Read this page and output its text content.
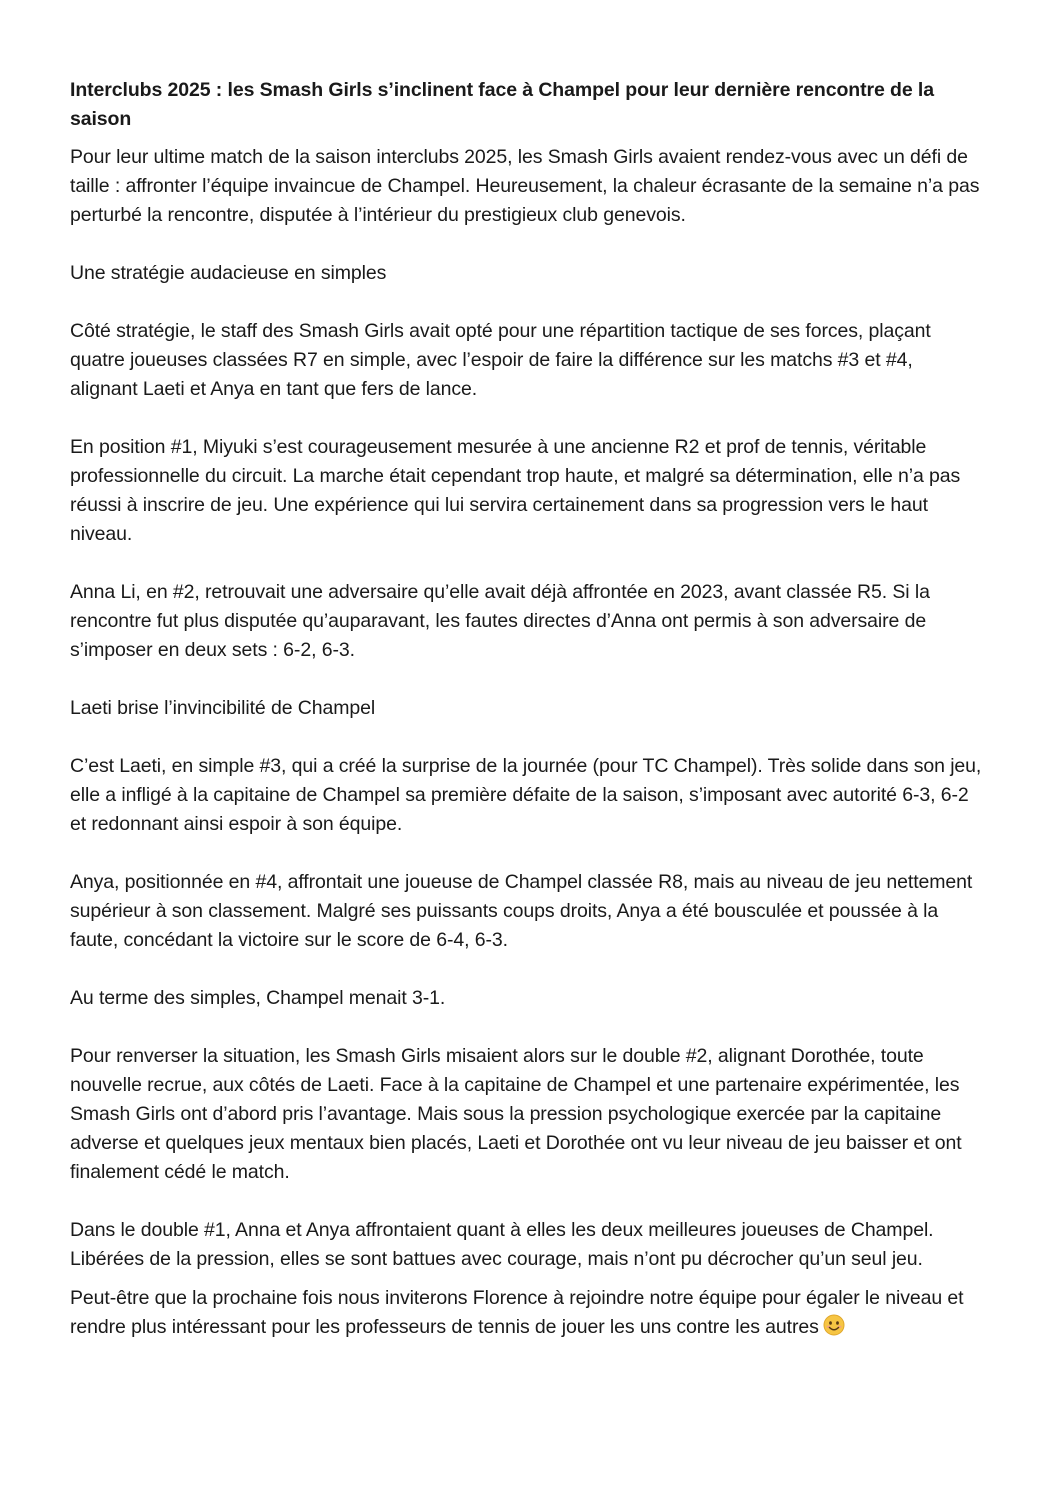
Interclubs 2025 : les Smash Girls s’inclinent face à Champel pour leur dernière rencontre de la saison

Pour leur ultime match de la saison interclubs 2025, les Smash Girls avaient rendez-vous avec un défi de taille : affronter l’équipe invaincue de Champel. Heureusement, la chaleur écrasante de la semaine n’a pas perturbé la rencontre, disputée à l’intérieur du prestigieux club genevois.

Une stratégie audacieuse en simples

Côté stratégie, le staff des Smash Girls avait opté pour une répartition tactique de ses forces, plaçant quatre joueuses classées R7 en simple, avec l’espoir de faire la différence sur les matchs #3 et #4, alignant Laeti et Anya en tant que fers de lance.

En position #1, Miyuki s’est courageusement mesurée à une ancienne R2 et prof de tennis, véritable professionnelle du circuit. La marche était cependant trop haute, et malgré sa détermination, elle n’a pas réussi à inscrire de jeu. Une expérience qui lui servira certainement dans sa progression vers le haut niveau.

Anna Li, en #2, retrouvait une adversaire qu’elle avait déjà affrontée en 2023, avant classée R5. Si la rencontre fut plus disputée qu’auparavant, les fautes directes d’Anna ont permis à son adversaire de s’imposer en deux sets : 6-2, 6-3.

Laeti brise l’invincibilité de Champel

C’est Laeti, en simple #3, qui a créé la surprise de la journée (pour TC Champel). Très solide dans son jeu, elle a infligé à la capitaine de Champel sa première défaite de la saison, s’imposant avec autorité 6-3, 6-2 et redonnant ainsi espoir à son équipe.

Anya, positionnée en #4, affrontait une joueuse de Champel classée R8, mais au niveau de jeu nettement supérieur à son classement. Malgré ses puissants coups droits, Anya a été bousculée et poussée à la faute, concédant la victoire sur le score de 6-4, 6-3.

Au terme des simples, Champel menait 3-1.

Pour renverser la situation, les Smash Girls misaient alors sur le double #2, alignant Dorothée, toute nouvelle recrue, aux côtés de Laeti. Face à la capitaine de Champel et une partenaire expérimentée, les Smash Girls ont d’abord pris l’avantage. Mais sous la pression psychologique exercée par la capitaine adverse et quelques jeux mentaux bien placés, Laeti et Dorothée ont vu leur niveau de jeu baisser et ont finalement cédé le match.

Dans le double #1, Anna et Anya affrontaient quant à elles les deux meilleures joueuses de Champel. Libérées de la pression, elles se sont battues avec courage, mais n’ont pu décrocher qu’un seul jeu.

Peut-être que la prochaine fois nous inviterons Florence à rejoindre notre équipe pour égaler le niveau et rendre plus intéressant pour les professeurs de tennis de jouer les uns contre les autres
